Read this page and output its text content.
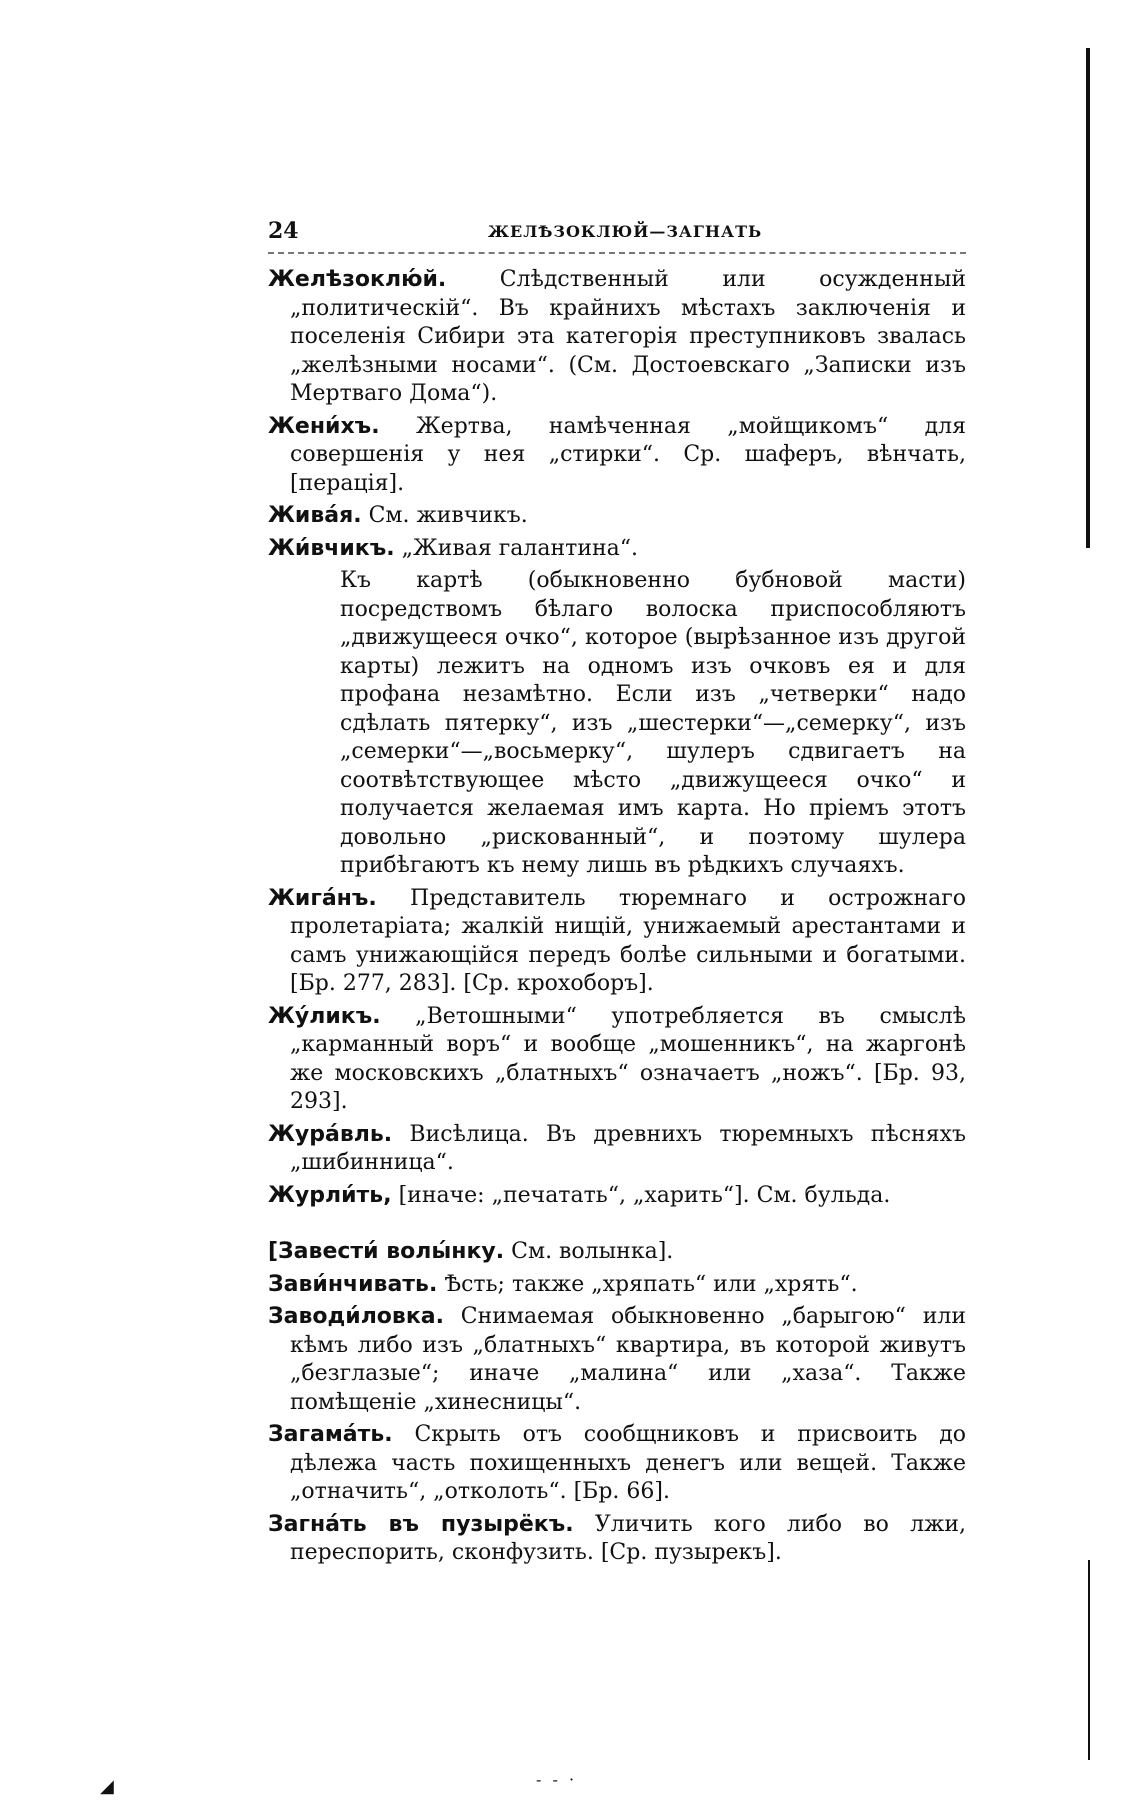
◢	- - ·
24	ЖЕЛѢЗОКЛЮЙ—ЗАГНАТЬ

Желѣзоклю́й. Слѣдственный или осужденный „политическій“. Въ крайнихъ мѣстахъ заключенія и поселенія Сибири эта категорія преступниковъ звалась „желѣзными носами“. (См. Достоевскаго „Записки изъ Мертваго Дома“).

Жени́хъ. Жертва, намѣченная „мойщикомъ“ для совершенія у нея „стирки“. Ср. шаферъ, вѣнчать, [перація].

Жива́я. См. живчикъ.

Жи́вчикъ. „Живая галантина“.

Къ картѣ (обыкновенно бубновой масти) посредствомъ бѣлаго волоска приспособляютъ „движущееся очко“, которое (вырѣзанное изъ другой карты) лежитъ на одномъ изъ очковъ ея и для профана незамѣтно. Если изъ „четверки“ надо сдѣлать пятерку“, изъ „шестерки“—„семерку“, изъ „семерки“—„восьмерку“, шулеръ сдвигаетъ на соотвѣтствующее мѣсто „движущееся очко“ и получается желаемая имъ карта. Но пріемъ этотъ довольно „рискованный“, и поэтому шулера прибѣгаютъ къ нему лишь въ рѣдкихъ случаяхъ.

Жига́нъ. Представитель тюремнаго и острожнаго пролетаріата; жалкій нищій, унижаемый арестантами и самъ унижающійся передъ болѣе сильными и богатыми. [Бр. 277, 283]. [Ср. крохоборъ].

Жу́ликъ. „Ветошными“ употребляется въ смыслѣ „карманный воръ“ и вообще „мошенникъ“, на жаргонѣ же московскихъ „блатныхъ“ означаетъ „ножъ“. [Бр. 93, 293].

Жура́вль. Висѣлица. Въ древнихъ тюремныхъ пѣсняхъ „шибинница“.

Журли́ть, [иначе: „печатать“, „харить“]. См. бульда.

[Завести́ волы́нку. См. волынка].

Зави́нчивать. Ѣсть; также „хряпать“ или „хрять“.

Заводи́ловка. Снимаемая обыкновенно „барыгою“ или кѣмъ либо изъ „блатныхъ“ квартира, въ которой живутъ „безглазые“; иначе „малина“ или „хаза“. Также помѣщеніе „хинесницы“.

Загама́ть. Скрыть отъ сообщниковъ и присвоить до дѣлежа часть похищенныхъ денегъ или вещей. Также „отначить“, „отколоть“. [Бр. 66].

Загна́ть въ пузырёкъ. Уличить кого либо во лжи, переспорить, сконфузить. [Ср. пузырекъ].
